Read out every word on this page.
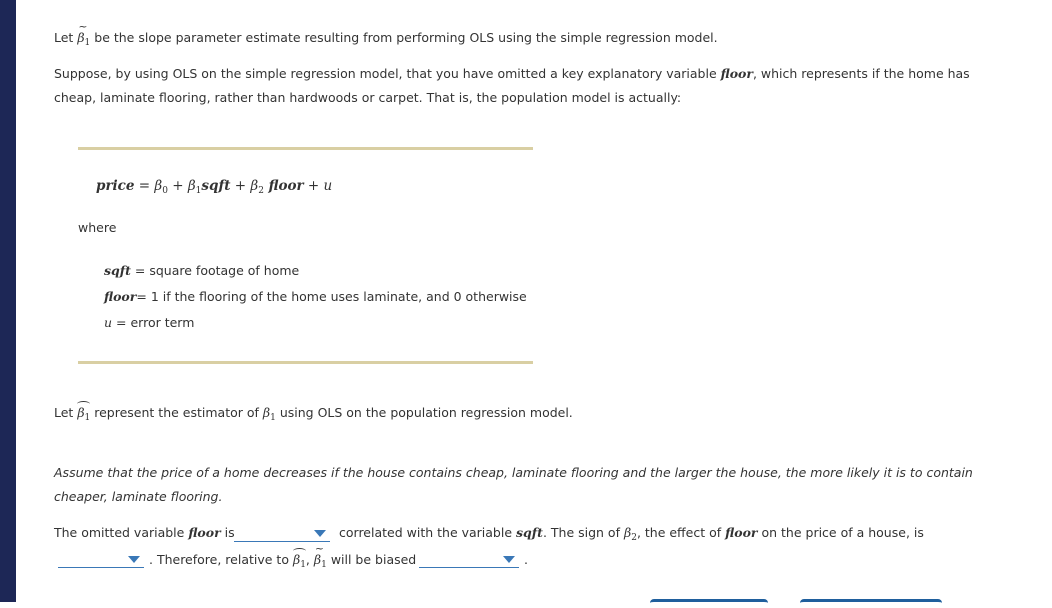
Let ~ $\beta_1$ be the slope parameter estimate resulting from performing OLS using the simple regression model.
Suppose, by using OLS on the simple regression model, that you have omitted a key explanatory variable floor, which represents if the home has
cheap, laminate flooring, rather than hardwoods or carpet. That is, the population model is actually:
price = $\beta_0$ + $\beta_1sqft + \beta_2$ floor + u
where
sqft = square footage of home
floor= 1 if the flooring of the home uses laminate, and 0 otherwise
u = error term
Let $\beta_1$ represent the estimator of $\beta_1$ using OLS on the population regression model.
Assume that the price of a home decreases if the house contains cheap, laminate flooring and the larger the house, the more likely it is to contain
cheaper, laminate flooring.
The omitted variable floor is	correlated with the variable sqft. The sign of $\beta_2$, the effect of floor on the price of a house, is
. Therefore, relative to $\beta_1$, ~ $\beta_1$ will be biased	.
